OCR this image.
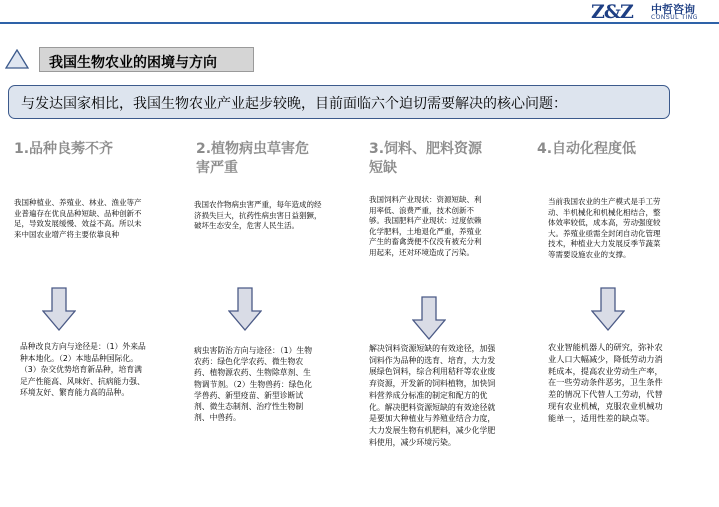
Z&Z 中哲咨询
CONSUL TING
我国生物农业的困境与方向
与发达国家相比，我国生物农业产业起步较晚，目前面临六个迫切需要解决的核心问题：
1.品种良莠不齐
我国种植业、养殖业、林业、渔业等产业普遍存在优良品种短缺、品种创新不足，导致发展缓慢、效益不高。所以未来中国农业增产将主要依靠良种
品种改良方向与途径是：（1）外来品种本地化。（2）本地品种国际化。（3）杂交优势培育新品种，培育满足产性能高、风味好、抗病能力强、环境友好、繁育能力高的品种。
2.植物病虫草害危害严重
我国农作物病虫害严重，每年造成的经济损失巨大，抗药性病虫害日益猖獗，破坏生态安全，危害人民生活。
病虫害防治方向与途径：（1）生物农药：绿色化学农药、微生物农药、植物源农药、生物除草剂、生物调节剂。（2）生物兽药：绿色化学兽药、新型疫苗、新型诊断试剂、微生态制剂、治疗性生物制剂、中兽药。
3.饲料、肥料资源短缺
我国饲料产业现状：资源短缺、利用率低、浪费严重，技术创新不够。我国肥料产业现状：过度依赖化学肥料，土地退化严重，养殖业产生的畜禽粪便不仅没有被充分利用起来，还对环境造成了污染。
解决饲料资源短缺的有效途径，加强饲料作为品种的选育、培育，大力发展绿色饲料，综合利用秸秆等农业废弃资源，开发新的饲料植物，加快饲料营养成分标准的制定和配方的优化。解决肥料资源短缺的有效途径就是要加大种植业与养殖业结合力度，大力发展生物有机肥料，减少化学肥料使用，减少环境污染。
4.自动化程度低
当前我国农业的生产模式是手工劳动、半机械化和机械化相结合，整体效率较低，成本高，劳动强度较大。养殖业亟需全封闭自动化管理技术，种植业大力发展反季节蔬菜等需要设施农业的支撑。
农业智能机器人的研究，弥补农业人口大幅减少，降低劳动力消耗成本，提高农业劳动生产率，在一些劳动条件恶劣，卫生条件差的情况下代替人工劳动，代替现有农业机械，克服农业机械功能单一，适用性差的缺点等。
